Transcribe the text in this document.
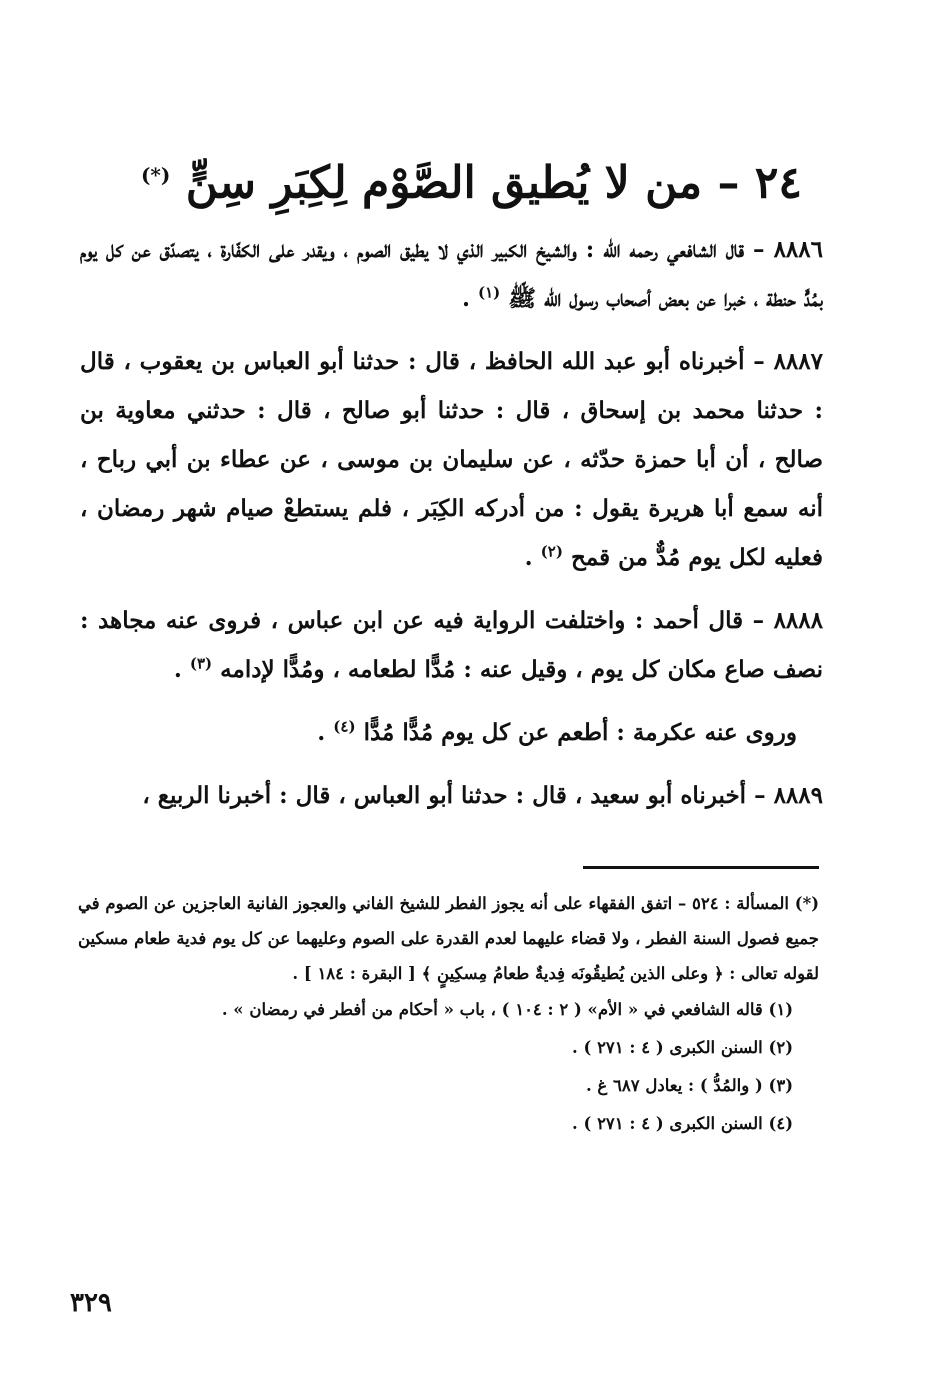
٢٤ – من لا يُطيق الصَّوْم لِكِبَرِ سِنٍّ (*)

٨٨٨٦ – قال الشافعي رحمه الله : والشيخ الكبير الذي لا يطيق الصوم ، ويقدر على الكفّارة ، يتصدّق عن كل يوم بمُدٍّ حنطة ، خبرا عن بعض أصحاب رسول الله ﷺ $^{(١)}$ .

٨٨٨٧ – أخبرناه أبو عبد الله الحافظ ، قال : حدثنا أبو العباس بن يعقوب ، قال : حدثنا محمد بن إسحاق ، قال : حدثنا أبو صالح ، قال : حدثني معاوية بن صالح ، أن أبا حمزة حدّثه ، عن سليمان بن موسى ، عن عطاء بن أبي رباح ، أنه سمع أبا هريرة يقول : من أدركه الكِبَر ، فلم يستطعْ صيام شهر رمضان ، فعليه لكل يوم مُدٌّ من قمح $^{(٢)}$ .

٨٨٨٨ – قال أحمد : واختلفت الرواية فيه عن ابن عباس ، فروى عنه مجاهد : نصف صاع مكان كل يوم ، وقيل عنه : مُدًّا لطعامه ، ومُدًّا لإدامه $^{(٣)}$ .

وروى عنه عكرمة : أطعم عن كل يوم مُدًّا مُدًّا $^{(٤)}$ .

٨٨٨٩ – أخبرناه أبو سعيد ، قال : حدثنا أبو العباس ، قال : أخبرنا الربيع ،

(*) المسألة : ٥٢٤ – اتفق الفقهاء على أنه يجوز الفطر للشيخ الفاني والعجوز الفانية العاجزين عن الصوم في جميع فصول السنة الفطر ، ولا قضاء عليهما لعدم القدرة على الصوم وعليهما عن كل يوم فدية طعام مسكين لقوله تعالى : ﴿ وعلى الذين يُطيقُونَه فِديةٌ طعامُ مِسكِينٍ ﴾ [ البقرة : ١٨٤ ] .

(١) قاله الشافعي في « الأم» ( ٢ : ١٠٤ ) ، باب « أحكام من أفطر في رمضان » .

(٢) السنن الكبرى ( ٤ : ٢٧١ ) .

(٣) ( والمُدُّ ) : يعادل ٦٨٧ غ .

(٤) السنن الكبرى ( ٤ : ٢٧١ ) .

٣٢٩
